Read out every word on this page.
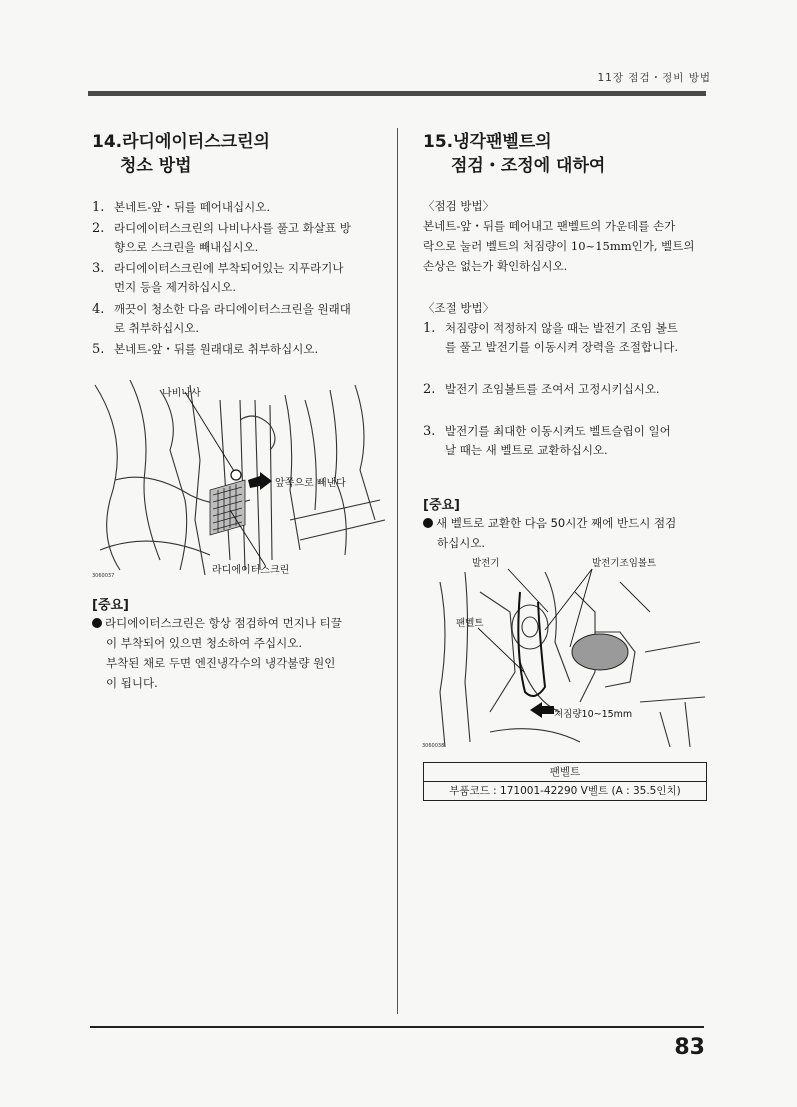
11장 점검・정비 방법
14.라디에이터스크린의
청소 방법
1. 본네트-앞・뒤를 떼어내십시오.
2. 라디에이터스크린의 나비나사를 풀고 화살표 방
향으로 스크린을 빼내십시오.
3. 라디에이터스크린에 부착되어있는 지푸라기나
먼지 등을 제거하십시오.
4. 깨끗이 청소한 다음 라디에이터스크린을 원래대
로 취부하십시오.
5. 본네트-앞・뒤를 원래대로 취부하십시오.
나비나사
앞쪽으로 빼낸다
라디에이터스크린
3060037
[중요]
라디에이터스크린은 항상 점검하여 먼지나 티끌
이 부착되어 있으면 청소하여 주십시오.
부착된 채로 두면 엔진냉각수의 냉각불량 원인
이 됩니다.
15.냉각팬벨트의
점검・조정에 대하여
〈점검 방법〉
본네트-앞・뒤를 떼어내고 팬벨트의 가운데를 손가
락으로 눌러 벨트의 처짐량이 10~15mm인가, 벨트의
손상은 없는가 확인하십시오.
〈조절 방법〉
1. 처짐량이 적정하지 않을 때는 발전기 조임 볼트
를 풀고 발전기를 이동시켜 장력을 조절합니다.
2. 발전기 조임볼트를 조여서 고정시키십시오.
3. 발전기를 최대한 이동시켜도 벨트슬립이 일어
날 때는 새 벨트로 교환하십시오.
[중요]
새 벨트로 교환한 다음 50시간 째에 반드시 점검
하십시오.
발전기	발전기조임볼트
팬벨트
처짐량10~15mm
3060038
팬벨트
부품코드 : 171001-42290 V벨트 (A : 35.5인치)
83
